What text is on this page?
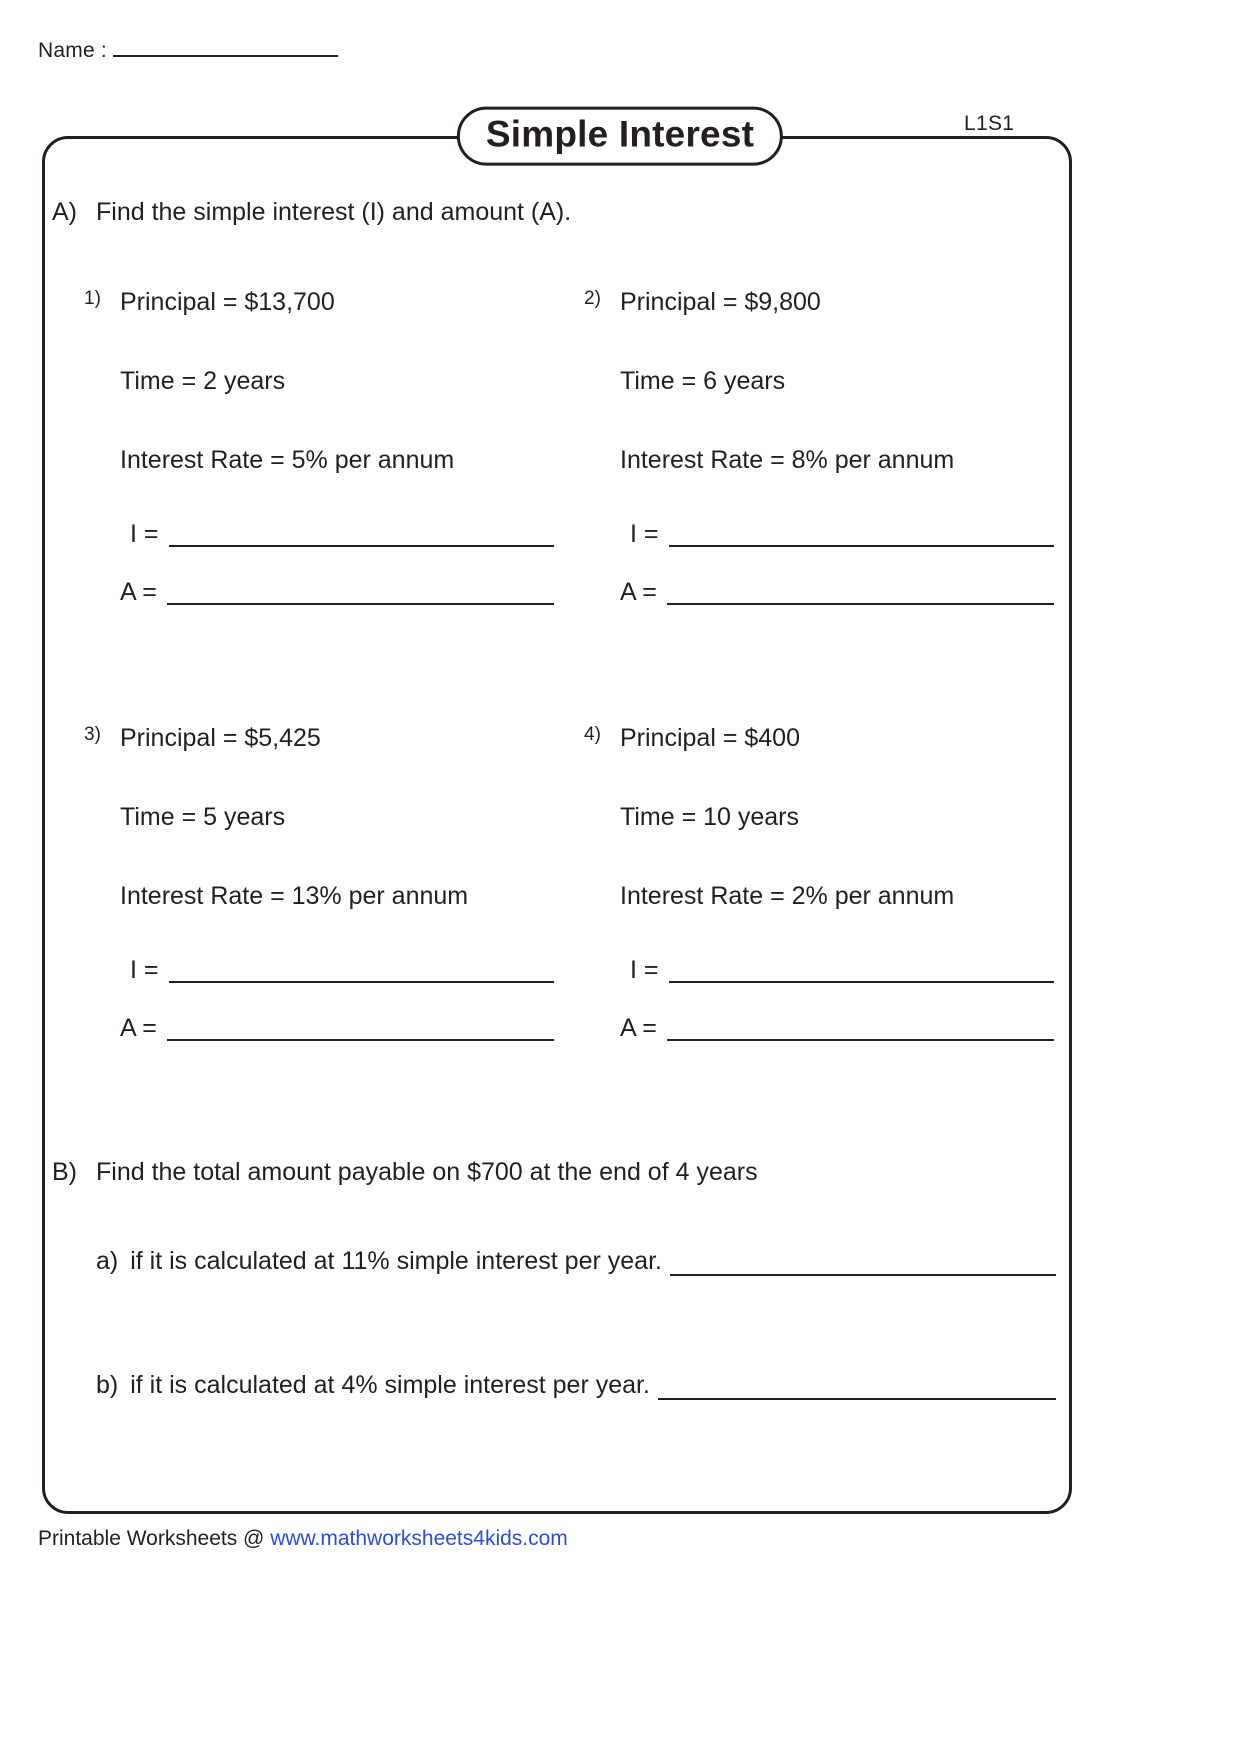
Name :
Simple Interest	L1S1
A) Find the simple interest (I) and amount (A).
1) Principal = $13,700
Time = 2 years
Interest Rate = 5% per annum
I =
A =
2) Principal = $9,800
Time = 6 years
Interest Rate = 8% per annum
I =
A =
3) Principal = $5,425
Time = 5 years
Interest Rate = 13% per annum
I =
A =
4) Principal = $400
Time = 10 years
Interest Rate = 2% per annum
I =
A =
B) Find the total amount payable on $700 at the end of 4 years
a) if it is calculated at 11% simple interest per year.
b) if it is calculated at 4% simple interest per year.
Printable Worksheets @ www.mathworksheets4kids.com
